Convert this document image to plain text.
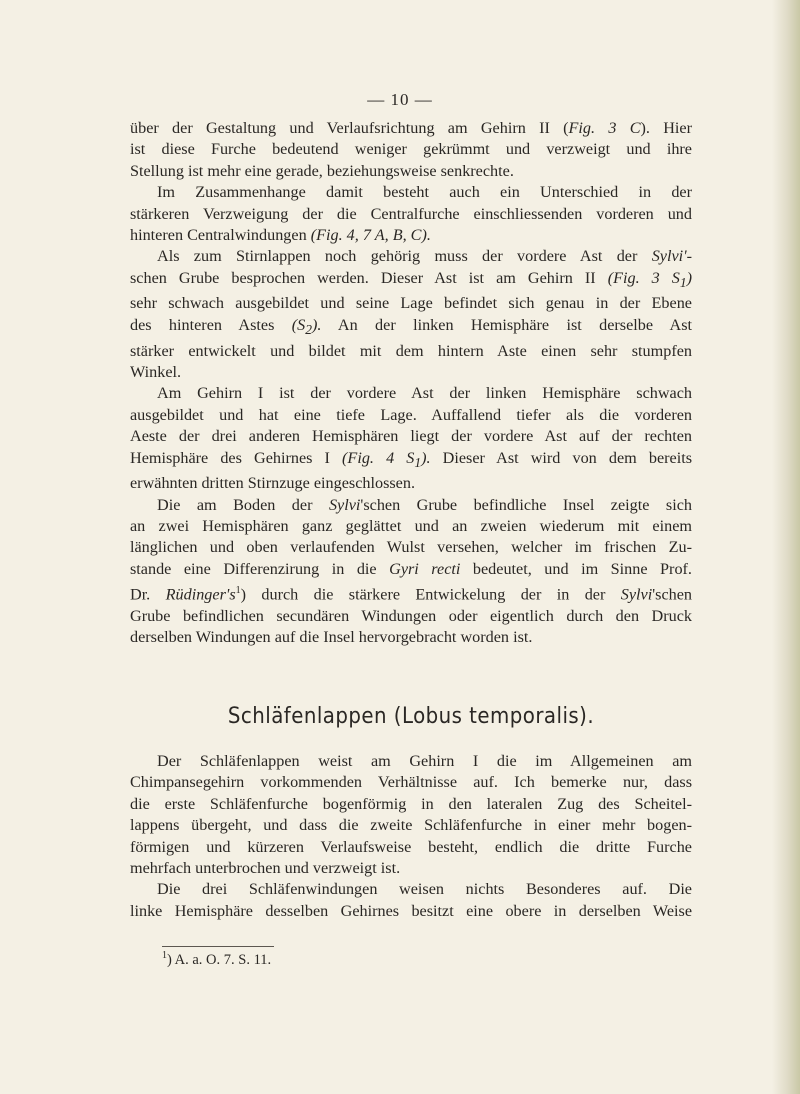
— 10 —
über der Gestaltung und Verlaufsrichtung am Gehirn II (Fig. 3 C). Hier
ist diese Furche bedeutend weniger gekrümmt und verzweigt und ihre
Stellung ist mehr eine gerade, beziehungsweise senkrechte.
Im Zusammenhange damit besteht auch ein Unterschied in der
stärkeren Verzweigung der die Centralfurche einschliessenden vorderen und
hinteren Centralwindungen (Fig. 4, 7 A, B, C).
Als zum Stirnlappen noch gehörig muss der vordere Ast der Sylvi'-
schen Grube besprochen werden. Dieser Ast ist am Gehirn II (Fig. 3 $S_1$)
sehr schwach ausgebildet und seine Lage befindet sich genau in der Ebene
des hinteren Astes $(S_2)$. An der linken Hemisphäre ist derselbe Ast
stärker entwickelt und bildet mit dem hintern Aste einen sehr stumpfen
Winkel.
Am Gehirn I ist der vordere Ast der linken Hemisphäre schwach
ausgebildet und hat eine tiefe Lage. Auffallend tiefer als die vorderen
Aeste der drei anderen Hemisphären liegt der vordere Ast auf der rechten
Hemisphäre des Gehirnes I (Fig. 4 $S_1$). Dieser Ast wird von dem bereits
erwähnten dritten Stirnzuge eingeschlossen.
Die am Boden der Sylvi'schen Grube befindliche Insel zeigte sich
an zwei Hemisphären ganz geglättet und an zweien wiederum mit einem
länglichen und oben verlaufenden Wulst versehen, welcher im frischen Zu-
stande eine Differenzirung in die Gyri recti bedeutet, und im Sinne Prof.
Dr. $Rüdinger's^1$) durch die stärkere Entwickelung der in der Sylvi'schen
Grube befindlichen secundären Windungen oder eigentlich durch den Druck
derselben Windungen auf die Insel hervorgebracht worden ist.
Schläfenlappen (Lobus temporalis).
Der Schläfenlappen weist am Gehirn I die im Allgemeinen am
Chimpansegehirn vorkommenden Verhältnisse auf. Ich bemerke nur, dass
die erste Schläfenfurche bogenförmig in den lateralen Zug des Scheitel-
lappens übergeht, und dass die zweite Schläfenfurche in einer mehr bogen-
förmigen und kürzeren Verlaufsweise besteht, endlich die dritte Furche
mehrfach unterbrochen und verzweigt ist.
Die drei Schläfenwindungen weisen nichts Besonderes auf. Die
linke Hemisphäre desselben Gehirnes besitzt eine obere in derselben Weise
$^1$) A. a. O. 7. S. 11.
